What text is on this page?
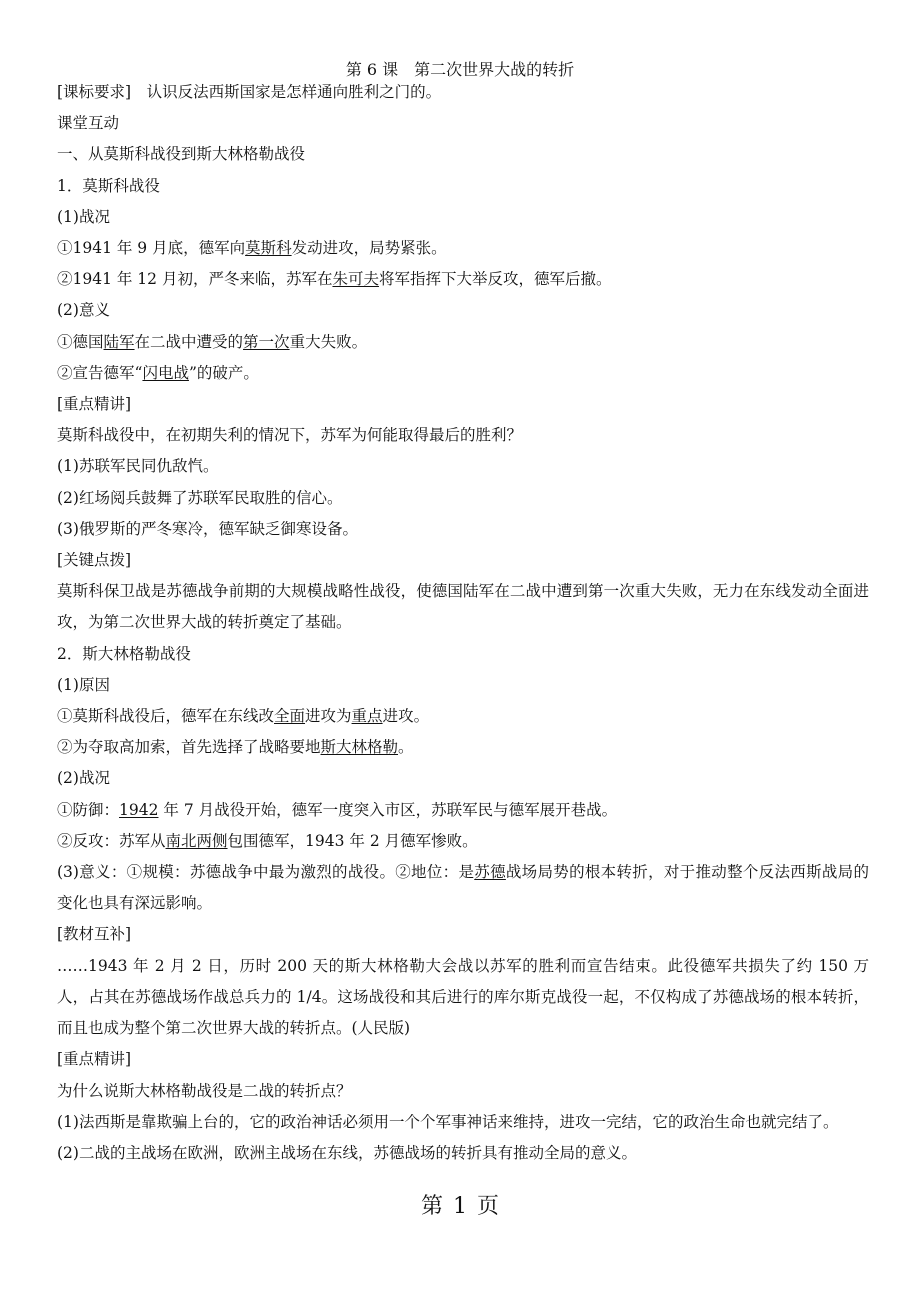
第 6 课　第二次世界大战的转折
[课标要求]　 认识反法西斯国家是怎样通向胜利之门的。
课堂互动
一、从莫斯科战役到斯大林格勒战役
1．莫斯科战役
(1)战况
①1941 年 9 月底，德军向莫斯科发动进攻，局势紧张。
②1941 年 12 月初，严冬来临，苏军在朱可夫将军指挥下大举反攻，德军后撤。
(2)意义
①德国陆军在二战中遭受的第一次重大失败。
②宣告德军“闪电战”的破产。
[重点精讲]
莫斯科战役中，在初期失利的情况下，苏军为何能取得最后的胜利？
(1)苏联军民同仇敌忾。
(2)红场阅兵鼓舞了苏联军民取胜的信心。
(3)俄罗斯的严冬寒冷，德军缺乏御寒设备。
[关键点拨]
莫斯科保卫战是苏德战争前期的大规模战略性战役，使德国陆军在二战中遭到第一次重大失败，无力在东线发动全面进攻，为第二次世界大战的转折奠定了基础。
2．斯大林格勒战役
(1)原因
①莫斯科战役后，德军在东线改全面进攻为重点进攻。
②为夺取高加索，首先选择了战略要地斯大林格勒。
(2)战况
①防御：1942 年 7 月战役开始，德军一度突入市区，苏联军民与德军展开巷战。
②反攻：苏军从南北两侧包围德军，1943 年 2 月德军惨败。
(3)意义：①规模：苏德战争中最为激烈的战役。②地位：是苏德战场局势的根本转折，对于推动整个反法西斯战局的变化也具有深远影响。
[教材互补]
……1943 年 2 月 2 日，历时 200 天的斯大林格勒大会战以苏军的胜利而宣告结束。此役德军共损失了约 150 万人，占其在苏德战场作战总兵力的 1/4。这场战役和其后进行的库尔斯克战役一起，不仅构成了苏德战场的根本转折，而且也成为整个第二次世界大战的转折点。(人民版)
[重点精讲]
为什么说斯大林格勒战役是二战的转折点？
(1)法西斯是靠欺骗上台的，它的政治神话必须用一个个军事神话来维持，进攻一完结，它的政治生命也就完结了。
(2)二战的主战场在欧洲，欧洲主战场在东线，苏德战场的转折具有推动全局的意义。
第 1 页
